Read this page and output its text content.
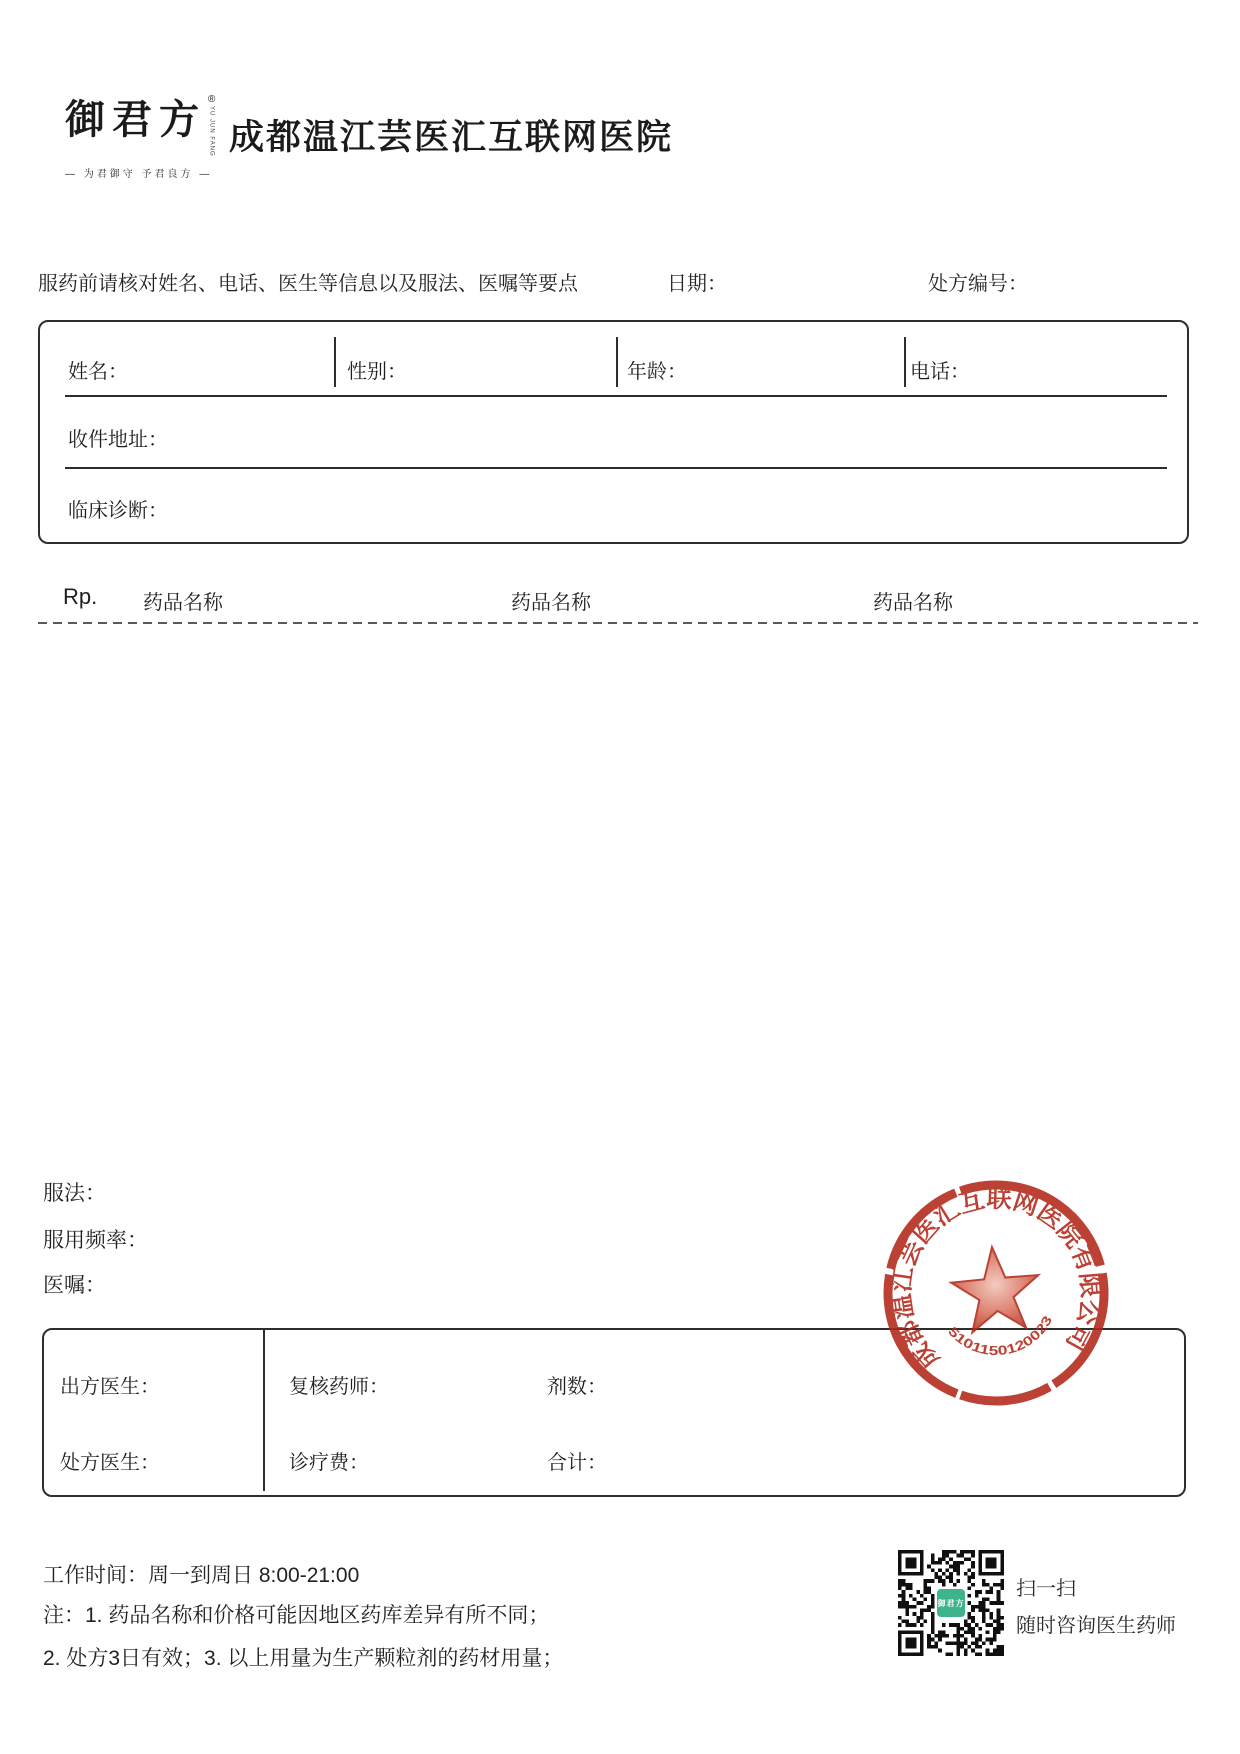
御君方 ®
YU JUN FANG
— 为君御守 予君良方 —
成都温江芸医汇互联网医院
服药前请核对姓名、电话、医生等信息以及服法、医嘱等要点	日期：	处方编号：
姓名：	性别：	年龄：	电话：
收件地址：
临床诊断：
Rp. 药品名称	药品名称	药品名称
服法：
服用频率：
医嘱：
出方医生：	复核药师：	剂数：
处方医生：	诊疗费：	合计：
成都温江芸医汇互联网医院有限公司
5101150120023
工作时间：周一到周日 8:00-21:00
注：1. 药品名称和价格可能因地区药库差异有所不同；
2. 处方3日有效；3. 以上用量为生产颗粒剂的药材用量；
御君方
扫一扫
随时咨询医生药师
